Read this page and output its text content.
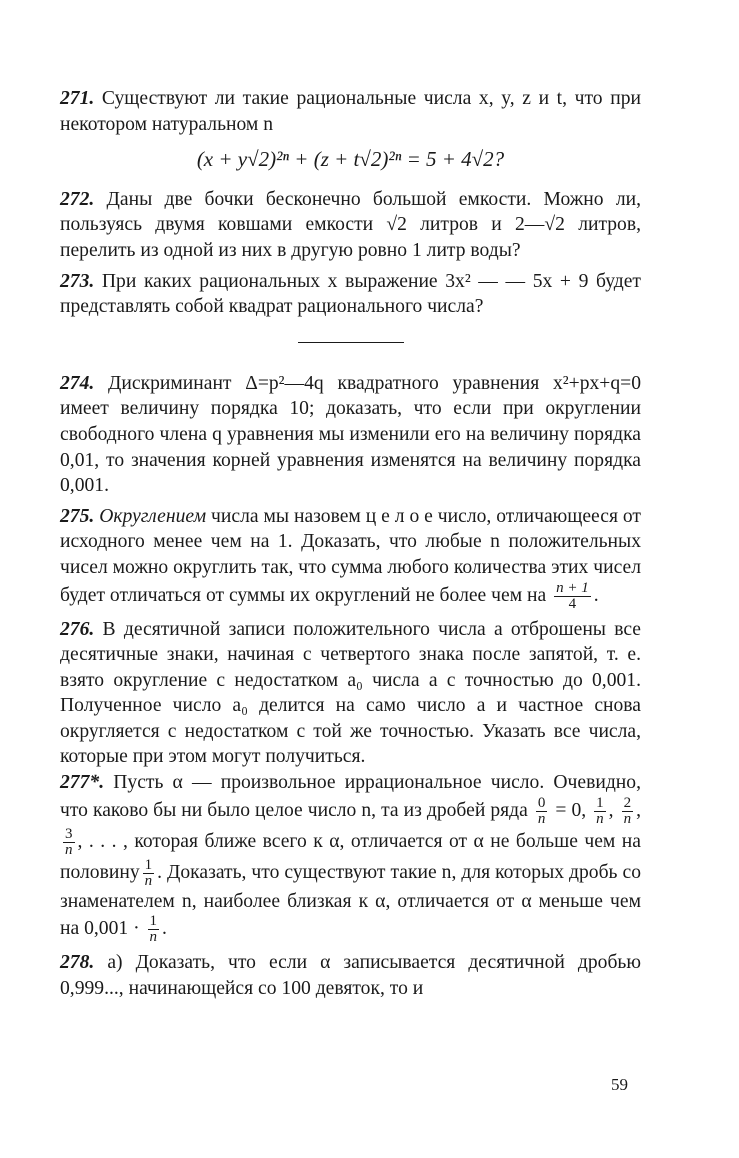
271. Существуют ли такие рациональные числа x, y, z и t, что при некотором натуральном n

(x + y√2)²ⁿ + (z + t√2)²ⁿ = 5 + 4√2?

272. Даны две бочки бесконечно большой емкости. Можно ли, пользуясь двумя ковшами емкости √2 литров и 2—√2 литров, перелить из одной из них в другую ровно 1 литр воды?

273. При каких рациональных x выражение 3x² — — 5x + 9 будет представлять собой квадрат рационального числа?

274. Дискриминант Δ=p²—4q квадратного уравнения x²+px+q=0 имеет величину порядка 10; доказать, что если при округлении свободного члена q уравнения мы изменили его на величину порядка 0,01, то значения корней уравнения изменятся на величину порядка 0,001.

275. Округлением числа мы назовем ц е л о е число, отличающееся от исходного менее чем на 1. Доказать, что любые n положительных чисел можно округлить так, что сумма любого количества этих чисел будет отличаться от суммы их округлений не более чем на $\frac{n + 1}{4}$ .

276. В десятичной записи положительного числа a отброшены все десятичные знаки, начиная с четвертого знака после запятой, т. е. взято округление с недостатком a₀ числа a с точностью до 0,001. Полученное число a₀ делится на само число a и частное снова округляется с недостатком с той же точностью. Указать все числа, которые при этом могут получиться.

277*. Пусть α — произвольное иррациональное число. Очевидно, что каково бы ни было целое число n, та из дробей ряда $\frac{0}{n} = 0$, $\frac{1}{n}$ , $\frac{2}{n}$ ,
$\frac{3}{n}$ , . . . , которая ближе всего к α, отличается от α не больше чем на половину $\frac{1}{n}$ . Доказать, что существуют такие n, для которых дробь со знаменателем n, наиболее близкая к α, отличается от α меньше чем на $0,001 \cdot \frac{1}{n}$ .

278. а) Доказать, что если α записывается десятичной дробью 0,999..., начинающейся со 100 девяток, то и

59
